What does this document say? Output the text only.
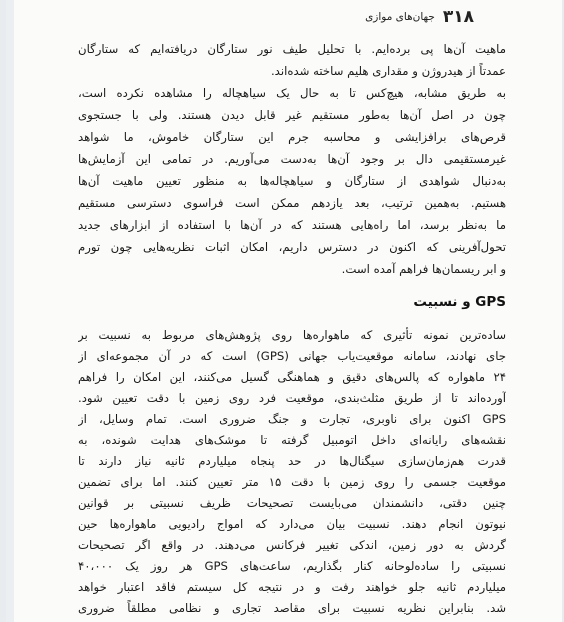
۳۱۸
جهان‌های موازی
ماهیت آن‌ها پی برده‌ایم. با تحلیل طیف نور ستارگان دریافته‌ایم که ستارگان
عمدتاً از هیدروژن و مقداری هلیم ساخته شده‌اند.
به طریق مشابه، هیچ‌کس تا به حال یک سیاهچاله را مشاهده نکرده است،
چون در اصل آن‌ها به‌طور مستقیم غیر قابل دیدن هستند. ولی با جستجوی
قرص‌های برافزایشی و محاسبه جرم این ستارگان خاموش، ما شواهد
غیرمستقیمی دال بر وجود آن‌ها به‌دست می‌آوریم. در تمامی این آزمایش‌ها
به‌دنبال شواهدی از ستارگان و سیاهچاله‌ها به منظور تعیین ماهیت آن‌ها
هستیم. به‌همین ترتیب، بعد یازدهم ممکن است فراسوی دسترسی مستقیم
ما به‌نظر برسد، اما راه‌هایی هستند که در آن‌ها با استفاده از ابزارهای جدید
تحول‌آفرینی که اکنون در دسترس داریم، امکان اثبات نظریه‌هایی چون تورم
و ابر ریسمان‌ها فراهم آمده است.
GPS و نسبیت
ساده‌ترین نمونه تأثیری که ماهواره‌ها روی پژوهش‌های مربوط به نسبیت بر
جای نهادند، سامانه موقعیت‌یاب جهانی (GPS) است که در آن مجموعه‌ای از
۲۴ ماهواره که پالس‌های دقیق و هماهنگی گسیل می‌کنند، این امکان را فراهم
آورده‌اند تا از طریق مثلث‌بندی، موقعیت فرد روی زمین با دقت تعیین شود.
GPS اکنون برای ناوبری، تجارت و جنگ ضروری است. تمام وسایل، از
نقشه‌های رایانه‌ای داخل اتومبیل گرفته تا موشک‌های هدایت شونده، به
قدرت هم‌زمان‌سازی سیگنال‌ها در حد پنجاه میلیاردم ثانیه نیاز دارند تا
موقعیت جسمی را روی زمین با دقت ۱۵ متر تعیین کنند. اما برای تضمین
چنین دقتی، دانشمندان می‌بایست تصحیحات ظریف نسبیتی بر قوانین
نیوتون انجام دهند. نسبیت بیان می‌دارد که امواج رادیویی ماهواره‌ها حین
گردش به دور زمین، اندکی تغییر فرکانس می‌دهند. در واقع اگر تصحیحات
نسبیتی را ساده‌لوحانه کنار بگذاریم، ساعت‌های GPS هر روز یک ۴۰،۰۰۰
میلیاردم ثانیه جلو خواهند رفت و در نتیجه کل سیستم فاقد اعتبار خواهد
شد. بنابراین نظریه نسبیت برای مقاصد تجاری و نظامی مطلقاً ضروری
